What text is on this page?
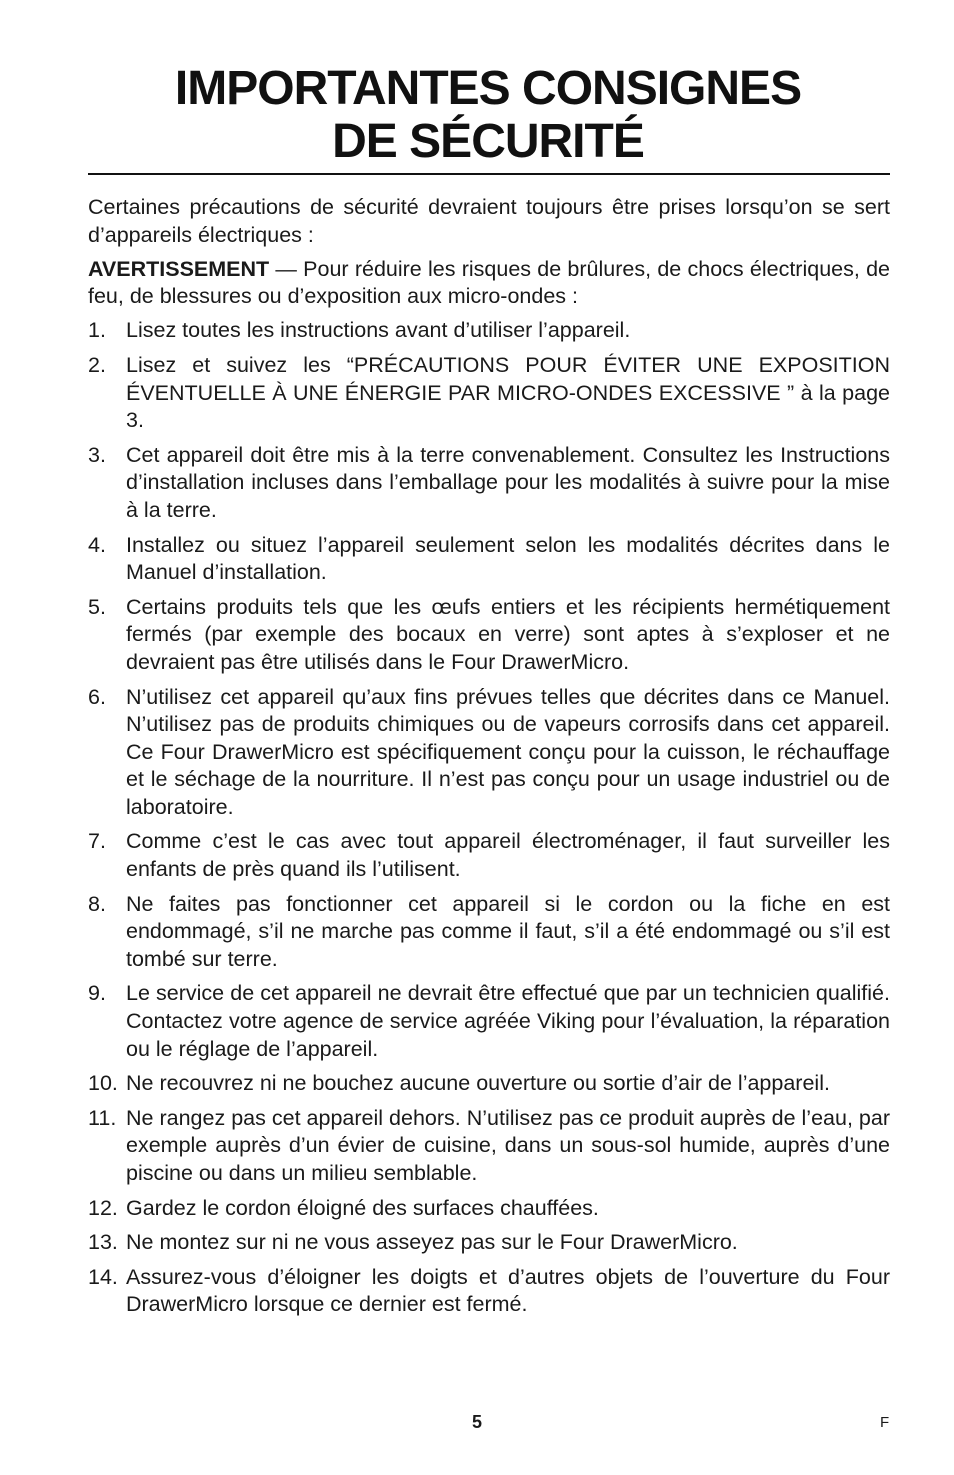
IMPORTANTES CONSIGNES
DE SÉCURITÉ

Certaines précautions de sécurité devraient toujours être prises lorsqu’on se sert d’appareils électriques :

AVERTISSEMENT — Pour réduire les risques de brûlures, de chocs électriques, de feu, de blessures ou d’exposition aux micro-ondes :

1. Lisez toutes les instructions avant d’utiliser l’appareil.
2. Lisez et suivez les “PRÉCAUTIONS POUR ÉVITER UNE EXPOSITION ÉVENTUELLE À UNE ÉNERGIE PAR MICRO-ONDES EXCESSIVE ” à la page 3.
3. Cet appareil doit être mis à la terre convenablement. Consultez les Instructions d’installation incluses dans l’emballage pour les modalités à suivre pour la mise à la terre.
4. Installez ou situez l’appareil seulement selon les modalités décrites dans le Manuel d’installation.
5. Certains produits tels que les œufs entiers et les récipients hermétiquement fermés (par exemple des bocaux en verre) sont aptes à s’exploser et ne devraient pas être utilisés dans le Four DrawerMicro.
6. N’utilisez cet appareil qu’aux fins prévues telles que décrites dans ce Manuel. N’utilisez pas de produits chimiques ou de vapeurs corrosifs dans cet appareil. Ce Four DrawerMicro est spécifiquement conçu pour la cuisson, le réchauffage et le séchage de la nourriture. Il n’est pas conçu pour un usage industriel ou de laboratoire.
7. Comme c’est le cas avec tout appareil électroménager, il faut surveiller les enfants de près quand ils l’utilisent.
8. Ne faites pas fonctionner cet appareil si le cordon ou la fiche en est endommagé, s’il ne marche pas comme il faut, s’il a été endommagé ou s’il est tombé sur terre.
9. Le service de cet appareil ne devrait être effectué que par un technicien qualifié. Contactez votre agence de service agréée Viking pour l’évaluation, la réparation ou le réglage de l’appareil.
10. Ne recouvrez ni ne bouchez aucune ouverture ou sortie d’air de l’appareil.
11. Ne rangez pas cet appareil dehors. N’utilisez pas ce produit auprès de l’eau, par exemple auprès d’un évier de cuisine, dans un sous-sol humide, auprès d’une piscine ou dans un milieu semblable.
12. Gardez le cordon éloigné des surfaces chauffées.
13. Ne montez sur ni ne vous asseyez pas sur le Four DrawerMicro.
14. Assurez-vous d’éloigner les doigts et d’autres objets de l’ouverture du Four DrawerMicro lorsque ce dernier est fermé.
5	F
